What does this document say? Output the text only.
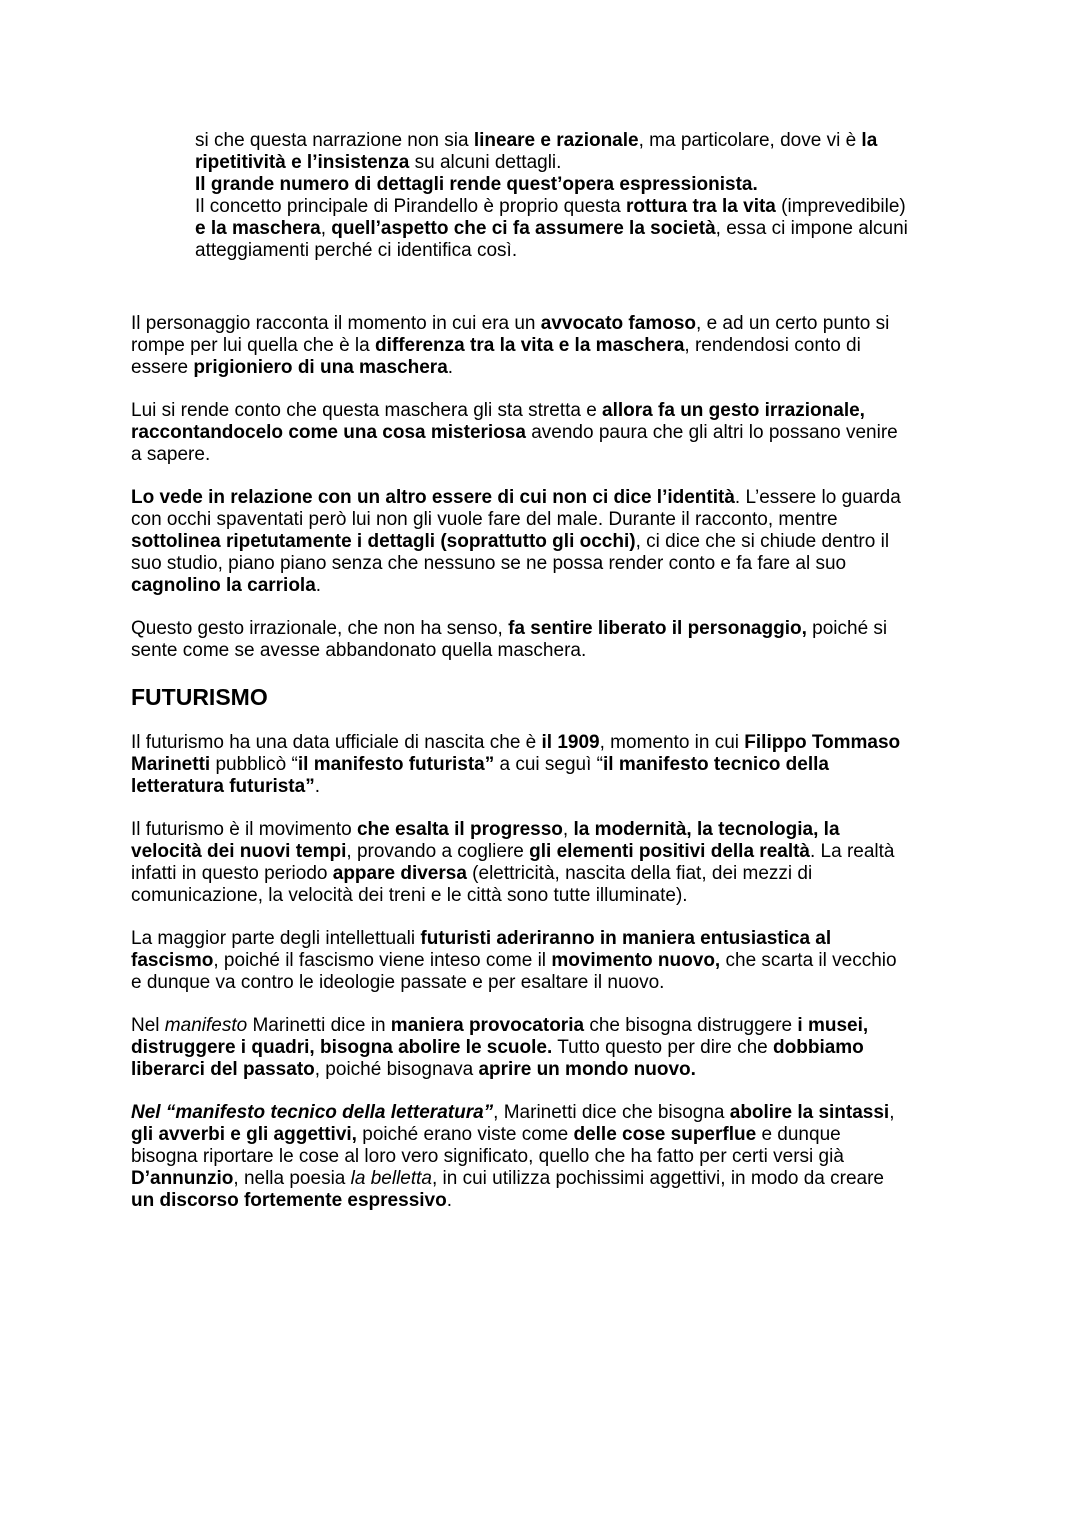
si che questa narrazione non sia lineare e razionale, ma particolare, dove vi è la
ripetitività e l’insistenza su alcuni dettagli.
Il grande numero di dettagli rende quest’opera espressionista.
Il concetto principale di Pirandello è proprio questa rottura tra la vita (imprevedibile)
e la maschera, quell’aspetto che ci fa assumere la società, essa ci impone alcuni
atteggiamenti perché ci identifica così.
Il personaggio racconta il momento in cui era un avvocato famoso, e ad un certo punto si
rompe per lui quella che è la differenza tra la vita e la maschera, rendendosi conto di
essere prigioniero di una maschera.
Lui si rende conto che questa maschera gli sta stretta e allora fa un gesto irrazionale,
raccontandocelo come una cosa misteriosa avendo paura che gli altri lo possano venire
a sapere.
Lo vede in relazione con un altro essere di cui non ci dice l’identità. L’essere lo guarda
con occhi spaventati però lui non gli vuole fare del male. Durante il racconto, mentre
sottolinea ripetutamente i dettagli (soprattutto gli occhi), ci dice che si chiude dentro il
suo studio, piano piano senza che nessuno se ne possa render conto e fa fare al suo
cagnolino la carriola.
Questo gesto irrazionale, che non ha senso, fa sentire liberato il personaggio, poiché si
sente come se avesse abbandonato quella maschera.
FUTURISMO
Il futurismo ha una data ufficiale di nascita che è il 1909, momento in cui Filippo Tommaso
Marinetti pubblicò “il manifesto futurista” a cui seguì “il manifesto tecnico della
letteratura futurista”.
Il futurismo è il movimento che esalta il progresso, la modernità, la tecnologia, la
velocità dei nuovi tempi, provando a cogliere gli elementi positivi della realtà. La realtà
infatti in questo periodo appare diversa (elettricità, nascita della fiat, dei mezzi di
comunicazione, la velocità dei treni e le città sono tutte illuminate).
La maggior parte degli intellettuali futuristi aderiranno in maniera entusiastica al
fascismo, poiché il fascismo viene inteso come il movimento nuovo, che scarta il vecchio
e dunque va contro le ideologie passate e per esaltare il nuovo.
Nel manifesto Marinetti dice in maniera provocatoria che bisogna distruggere i musei,
distruggere i quadri, bisogna abolire le scuole. Tutto questo per dire che dobbiamo
liberarci del passato, poiché bisognava aprire un mondo nuovo.
Nel “manifesto tecnico della letteratura”, Marinetti dice che bisogna abolire la sintassi,
gli avverbi e gli aggettivi, poiché erano viste come delle cose superflue e dunque
bisogna riportare le cose al loro vero significato, quello che ha fatto per certi versi già
D’annunzio, nella poesia la belletta, in cui utilizza pochissimi aggettivi, in modo da creare
un discorso fortemente espressivo.
